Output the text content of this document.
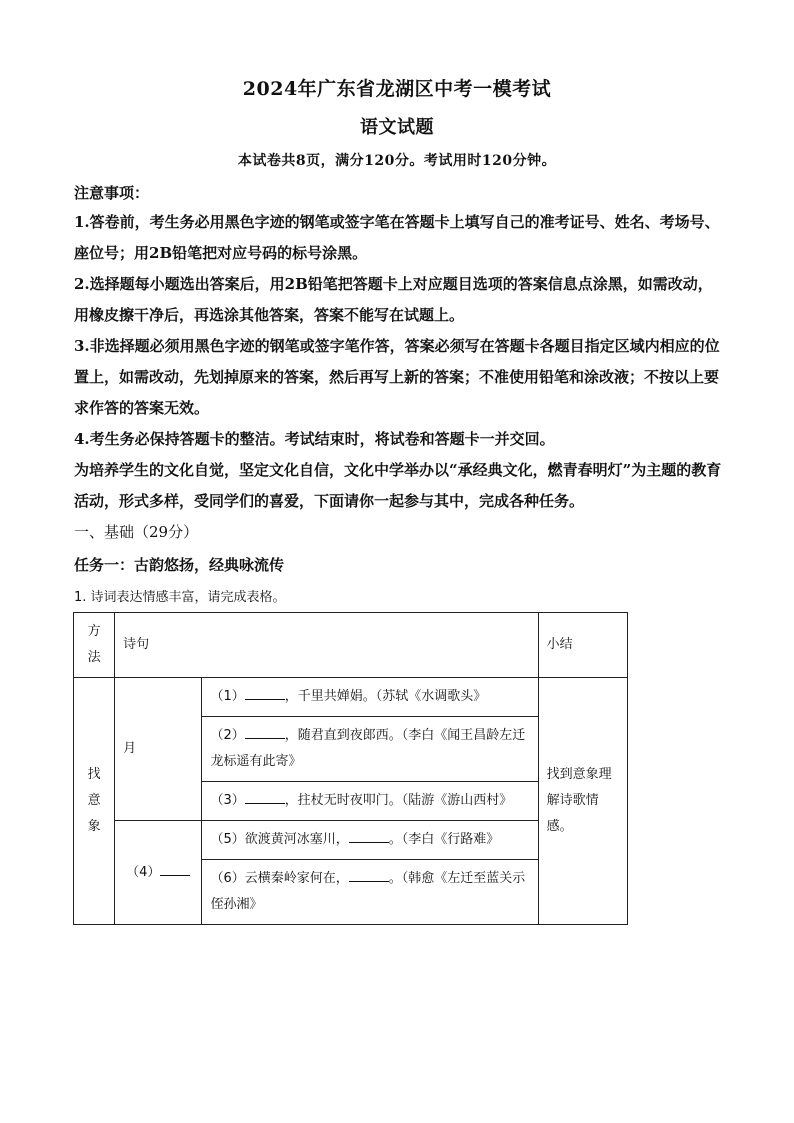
2024年广东省龙湖区中考一模考试
语文试题
本试卷共8页，满分120分。考试用时120分钟。
注意事项：
1.答卷前，考生务必用黑色字迹的钢笔或签字笔在答题卡上填写自己的准考证号、姓名、考场号、座位号；用2B铅笔把对应号码的标号涂黑。
2.选择题每小题选出答案后，用2B铅笔把答题卡上对应题目选项的答案信息点涂黑，如需改动，用橡皮擦干净后，再选涂其他答案，答案不能写在试题上。
3.非选择题必须用黑色字迹的钢笔或签字笔作答，答案必须写在答题卡各题目指定区域内相应的位置上，如需改动，先划掉原来的答案，然后再写上新的答案；不准使用铅笔和涂改液；不按以上要求作答的答案无效。
4.考生务必保持答题卡的整洁。考试结束时，将试卷和答题卡一并交回。
为培养学生的文化自觉，坚定文化自信，文化中学举办以“承经典文化，燃青春明灯”为主题的教育活动，形式多样，受同学们的喜爱，下面请你一起参与其中，完成各种任务。
一、基础（29分）
任务一：古韵悠扬，经典咏流传
1. 诗词表达情感丰富，请完成表格。
方法	诗句		小结
找意象	月	（1） ，千里共婵娟。（苏轼《水调歌头》	找到意象理解诗歌情感。
		（2） ，随君直到夜郎西。（李白《闻王昌龄左迁龙标遥有此寄》	
		（3） ，拄杖无时夜叩门。（陆游《游山西村》	
	（4）	（5）欲渡黄河冰塞川， 。（李白《行路难》	
		（6）云横秦岭家何在， 。（韩愈《左迁至蓝关示侄孙湘》	
